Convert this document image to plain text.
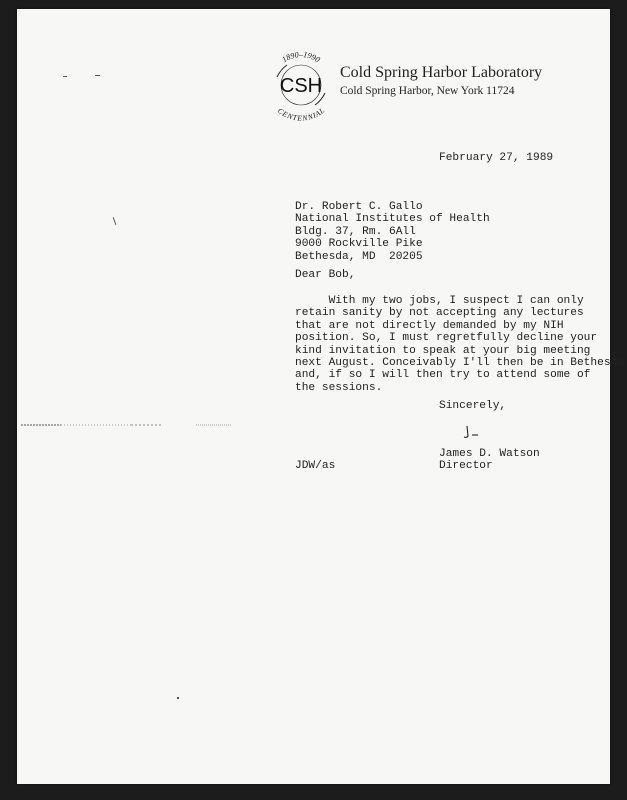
CSH
1890–1990
CENTENNIAL
Cold Spring Harbor Laboratory
Cold Spring Harbor, New York 11724
February 27, 1989
Dr. Robert C. Gallo
National Institutes of Health
Bldg. 37, Rm. 6All
9000 Rockville Pike
Bethesda, MD  20205
Dear Bob,
With my two jobs, I suspect I can only
retain sanity by not accepting any lectures
that are not directly demanded by my NIH
position. So, I must regretfully decline your
kind invitation to speak at your big meeting
next August. Conceivably I'll then be in Bethesda
and, if so I will then try to attend some of
the sessions.
Sincerely,
James D. Watson
Director
JDW/as
